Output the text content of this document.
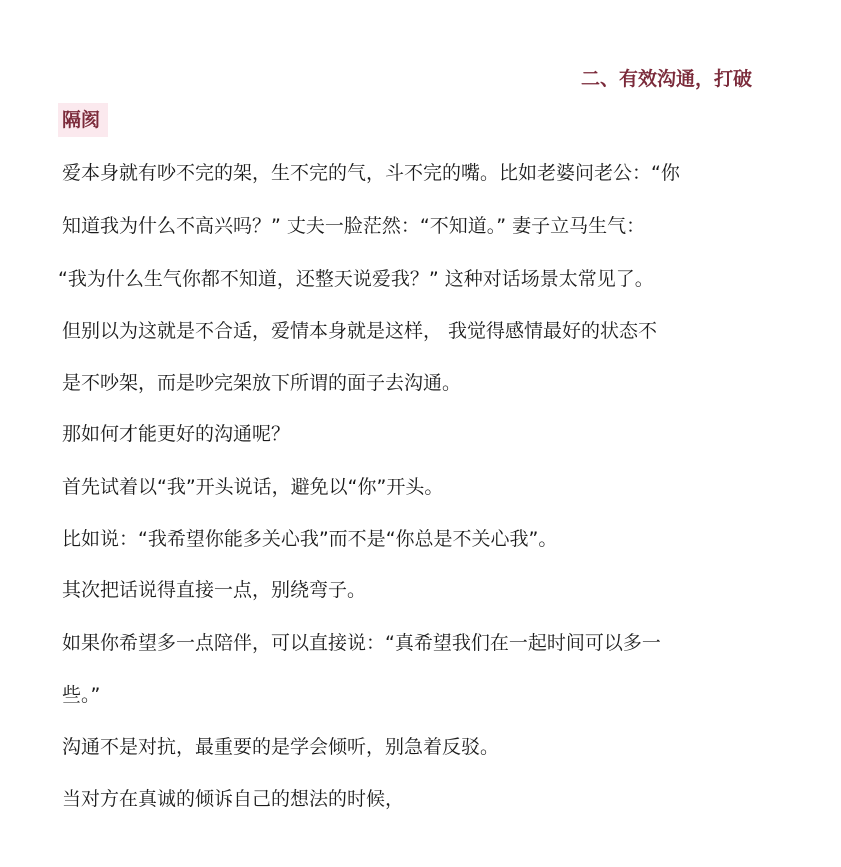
二、有效沟通，打破
隔阂
爱本身就有吵不完的架，生不完的气，斗不完的嘴。比如老婆问老公：“你
知道我为什么不高兴吗？” 丈夫一脸茫然：“不知道。” 妻子立马生气：
“我为什么生气你都不知道，还整天说爱我？” 这种对话场景太常见了。
但别以为这就是不合适，爱情本身就是这样， 我觉得感情最好的状态不
是不吵架，而是吵完架放下所谓的面子去沟通。
那如何才能更好的沟通呢？
首先试着以“我”开头说话，避免以“你”开头。
比如说：“我希望你能多关心我”而不是“你总是不关心我”。
其次把话说得直接一点，别绕弯子。
如果你希望多一点陪伴，可以直接说：“真希望我们在一起时间可以多一
些。”
沟通不是对抗，最重要的是学会倾听，别急着反驳。
当对方在真诚的倾诉自己的想法的时候，
